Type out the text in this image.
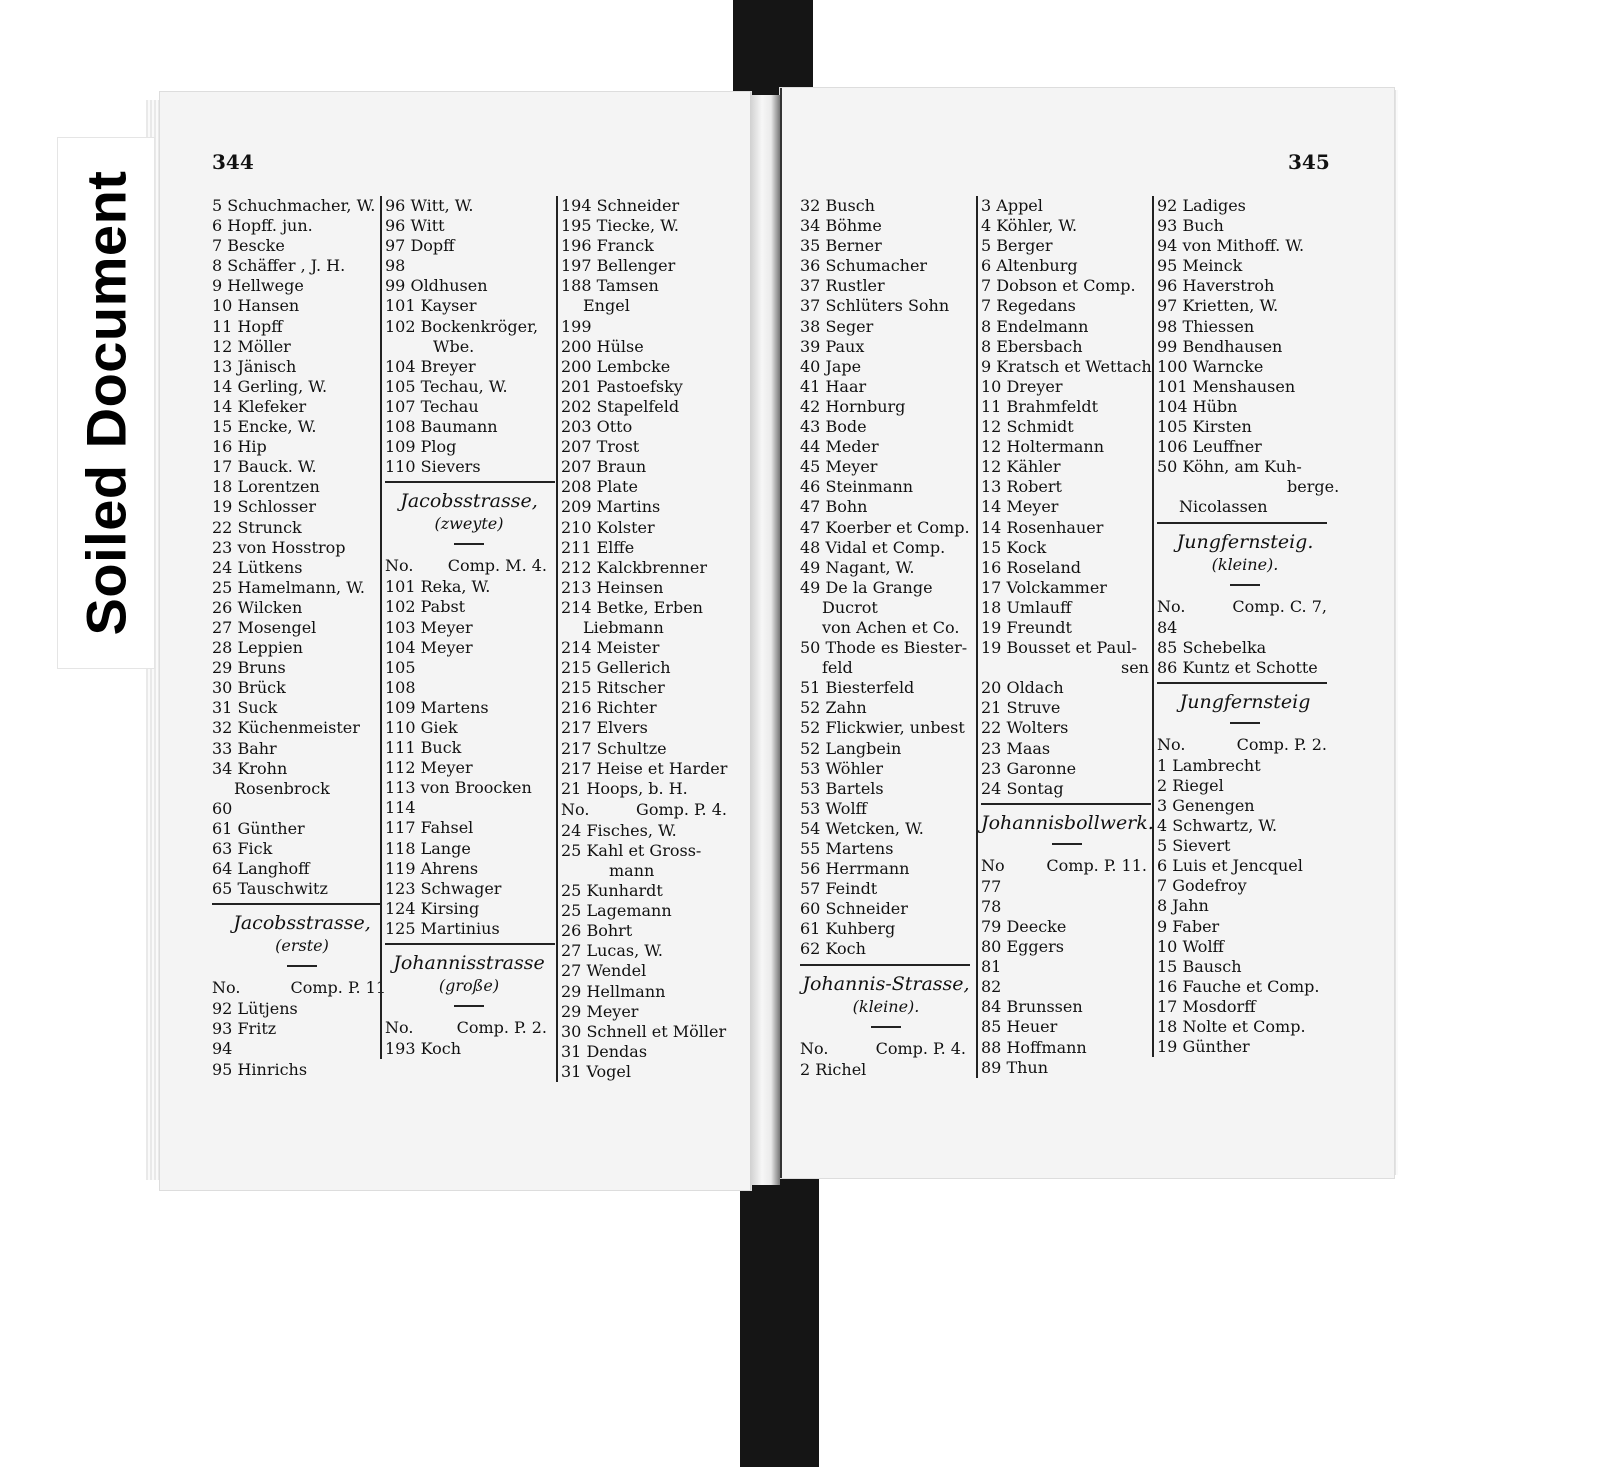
Soiled Document
344	345
5 Schuchmacher, W.
6 Hopff. jun.
7 Bescke
8 Schäffer , J. H.
9 Hellwege
10 Hansen
11 Hopff
12 Möller
13 Jänisch
14 Gerling, W.
14 Klefeker
15 Encke, W.
16 Hip
17 Bauck. W.
18 Lorentzen
19 Schlosser
22 Strunck
23 von Hosstrop
24 Lütkens
25 Hamelmann, W.
26 Wilcken
27 Mosengel
28 Leppien
29 Bruns
30 Brück
31 Suck
32 Küchenmeister
33 Bahr
34 Krohn
Rosenbrock
60
61 Günther
63 Fick
64 Langhoff
65 Tauschwitz
Jacobsstrasse,
(erste)
No.	Comp. P. 11
92 Lütjens
93 Fritz
94
95 Hinrichs
96 Witt, W.
96 Witt
97 Dopff
98
99 Oldhusen
101 Kayser
102 Bockenkröger,
Wbe.
104 Breyer
105 Techau, W.
107 Techau
108 Baumann
109 Plog
110 Sievers
Jacobsstrasse,
(zweyte)
No. Comp. M. 4.
101 Reka, W.
102 Pabst
103 Meyer
104 Meyer
105
108
109 Martens
110 Giek
111 Buck
112 Meyer
113 von Broocken
114
117 Fahsel
118 Lange
119 Ahrens
123 Schwager
124 Kirsing
125 Martinius
Johannisstrasse
(große)
No.	Comp. P. 2.
193 Koch
194 Schneider
195 Tiecke, W.
196 Franck
197 Bellenger
188 Tamsen
Engel
199
200 Hülse
200 Lembcke
201 Pastoefsky
202 Stapelfeld
203 Otto
207 Trost
207 Braun
208 Plate
209 Martins
210 Kolster
211 Elffe
212 Kalckbrenner
213 Heinsen
214 Betke, Erben
Liebmann
214 Meister
215 Gellerich
215 Ritscher
216 Richter
217 Elvers
217 Schultze
217 Heise et Harder
21 Hoops, b. H.
No.	Gomp. P. 4.
24 Fisches, W.
25 Kahl et Gross-
mann
25 Kunhardt
25 Lagemann
26 Bohrt
27 Lucas, W.
27 Wendel
29 Hellmann
29 Meyer
30 Schnell et Möller
31 Dendas
31 Vogel
32 Busch
34 Böhme
35 Berner
36 Schumacher
37 Rustler
37 Schlüters Sohn
38 Seger
39 Paux
40 Jape
41 Haar
42 Hornburg
43 Bode
44 Meder
45 Meyer
46 Steinmann
47 Bohn
47 Koerber et Comp.
48 Vidal et Comp.
49 Nagant, W.
49 De la Grange
Ducrot
von Achen et Co.
50 Thode es Biester-
feld
51 Biesterfeld
52 Zahn
52 Flickwier, unbest
52 Langbein
53 Wöhler
53 Bartels
53 Wolff
54 Wetcken, W.
55 Martens
56 Herrmann
57 Feindt
60 Schneider
61 Kuhberg
62 Koch
Johannis-Strasse,
(kleine).
No.	Comp. P. 4.
2 Richel
3 Appel
4 Köhler, W.
5 Berger
6 Altenburg
7 Dobson et Comp.
7 Regedans
8 Endelmann
8 Ebersbach
9 Kratsch et Wettach
10 Dreyer
11 Brahmfeldt
12 Schmidt
12 Holtermann
12 Kähler
13 Robert
14 Meyer
14 Rosenhauer
15 Kock
16 Roseland
17 Volckammer
18 Umlauff
19 Freundt
19 Bousset et Paul-
sen
20 Oldach
21 Struve
22 Wolters
23 Maas
23 Garonne
24 Sontag
Johannisbollwerk.
No	Comp. P. 11.
77
78
79 Deecke
80 Eggers
81
82
84 Brunssen
85 Heuer
88 Hoffmann
89 Thun
92 Ladiges
93 Buch
94 von Mithoff. W.
95 Meinck
96 Haverstroh
97 Krietten, W.
98 Thiessen
99 Bendhausen
100 Warncke
101 Menshausen
104 Hübn
105 Kirsten
106 Leuffner
50 Köhn, am Kuh-
berge.
Nicolassen
Jungfernsteig.
(kleine).
No.	Comp. C. 7,
84
85 Schebelka
86 Kuntz et Schotte
Jungfernsteig
No.	Comp. P. 2.
1 Lambrecht
2 Riegel
3 Genengen
4 Schwartz, W.
5 Sievert
6 Luis et Jencquel
7 Godefroy
8 Jahn
9 Faber
10 Wolff
15 Bausch
16 Fauche et Comp.
17 Mosdorff
18 Nolte et Comp.
19 Günther
